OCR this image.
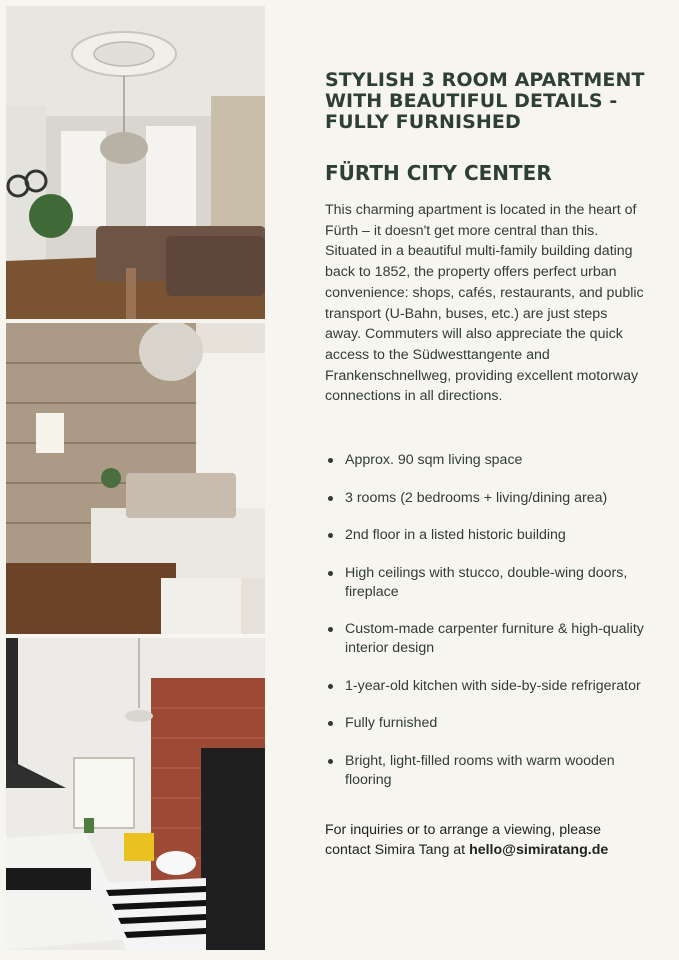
STYLISH 3 ROOM APARTMENT WITH BEAUTIFUL DETAILS - FULLY FURNISHED
FÜRTH CITY CENTER

This charming apartment is located in the heart of Fürth – it doesn't get more central than this. Situated in a beautiful multi-family building dating back to 1852, the property offers perfect urban convenience: shops, cafés, restaurants, and public transport (U-Bahn, buses, etc.) are just steps away. Commuters will also appreciate the quick access to the Südwesttangente and Frankenschnellweg, providing excellent motorway connections in all directions.

Approx. 90 sqm living space
3 rooms (2 bedrooms + living/dining area)
2nd floor in a listed historic building
High ceilings with stucco, double-wing doors, fireplace
Custom-made carpenter furniture & high-quality interior design
1-year-old kitchen with side-by-side refrigerator
Fully furnished
Bright, light-filled rooms with warm wooden flooring

For inquiries or to arrange a viewing, please contact Simira Tang at hello@simiratang.de
